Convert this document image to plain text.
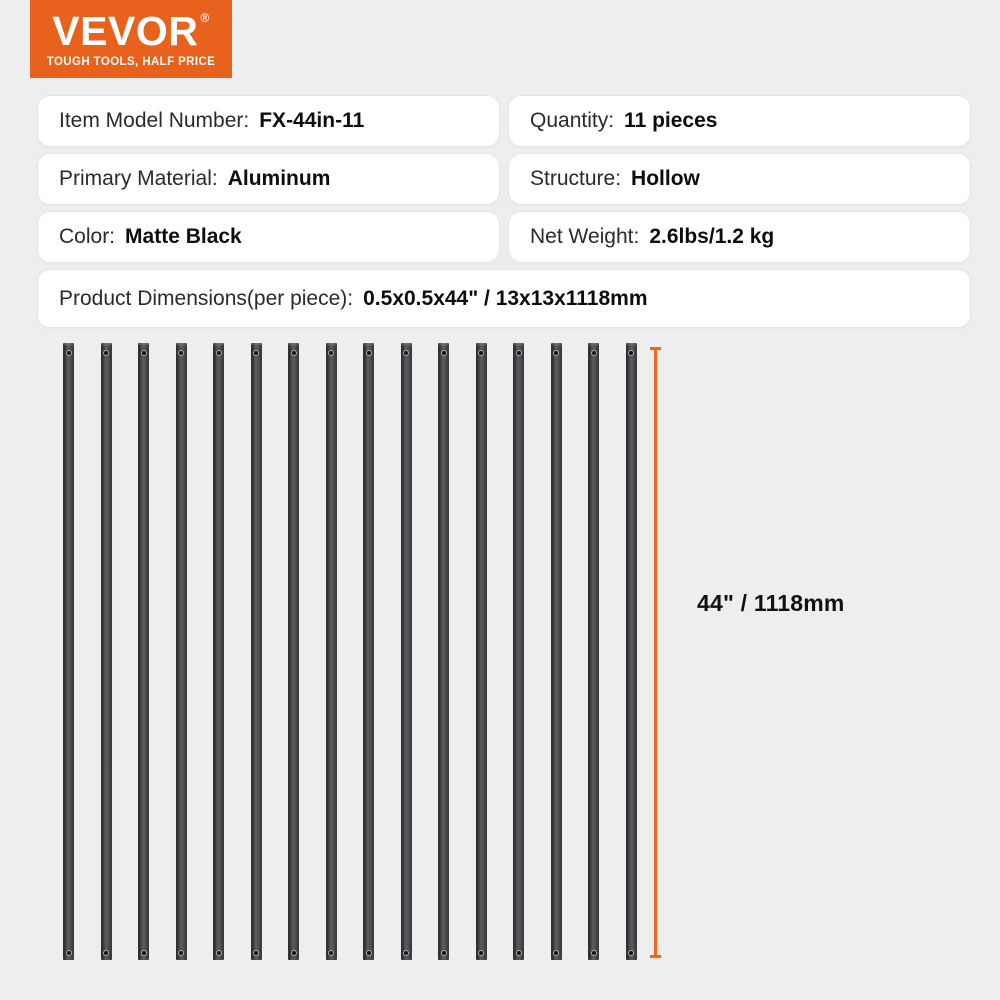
VEVOR ®
TOUGH TOOLS, HALF PRICE
Item Model Number: FX-44in-11	Quantity: 11 pieces
Primary Material: Aluminum	Structure: Hollow
Color: Matte Black	Net Weight: 2.6lbs/1.2 kg
Product Dimensions(per piece): 0.5x0.5x44" / 13x13x1118mm
44" / 1118mm
